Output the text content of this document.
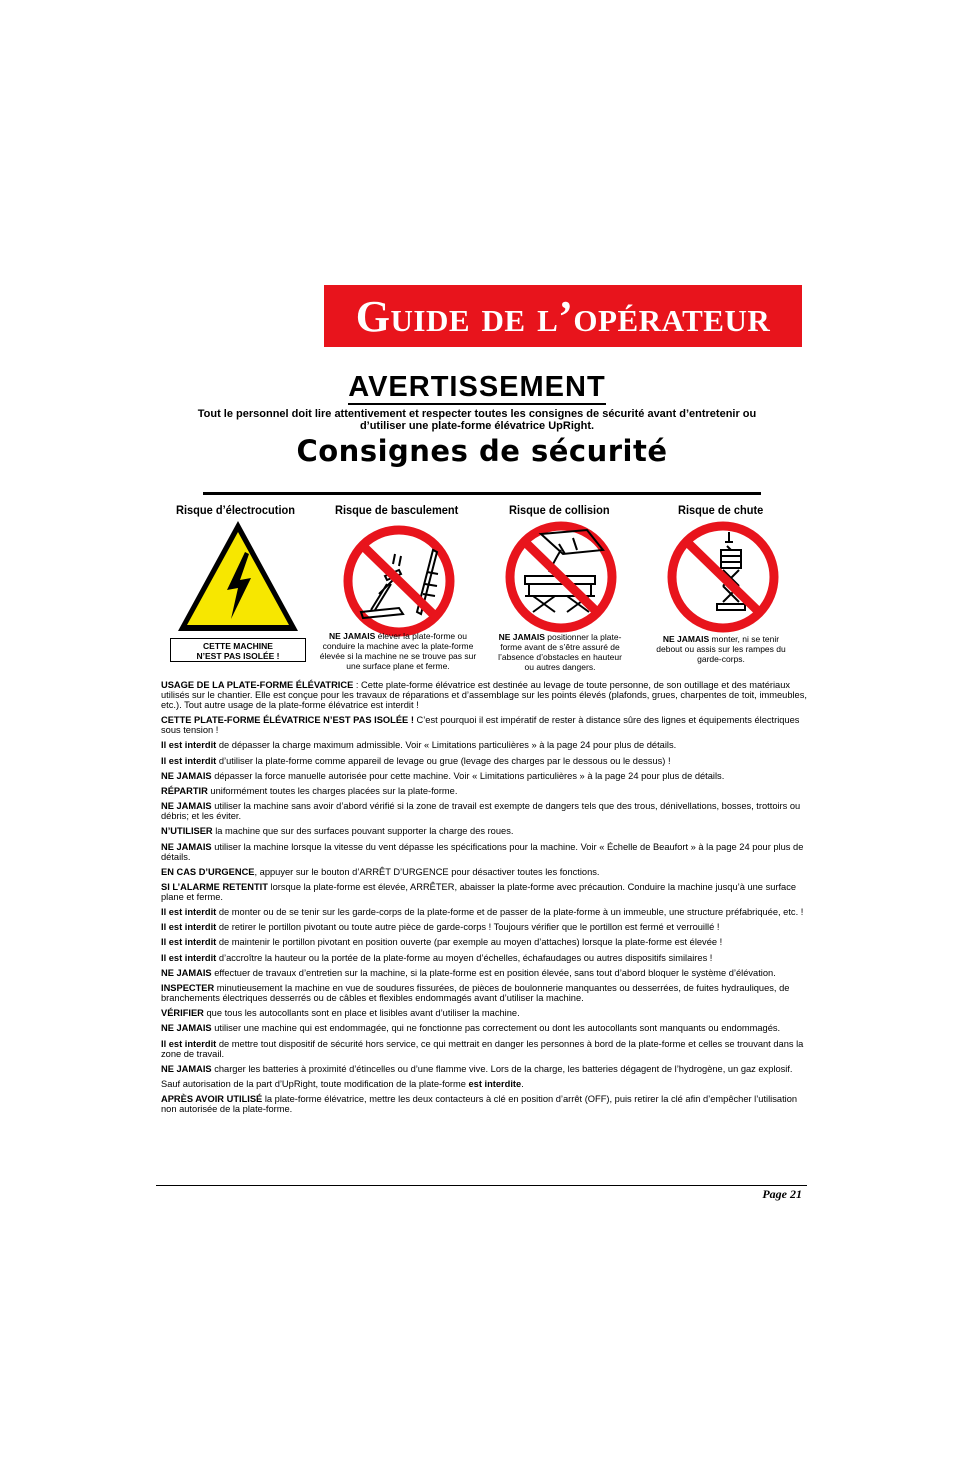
Guide de l’opérateur
AVERTISSEMENT
Tout le personnel doit lire attentivement et respecter toutes les consignes de sécurité avant d’entretenir ou d’utiliser une plate-forme élévatrice UpRight.
Consignes de sécurité
Risque d’électrocution	Risque de basculement	Risque de collision	Risque de chute
CETTE MACHINE
N’EST PAS ISOLÉE !
NE JAMAIS élever la plate-forme ou conduire la machine avec la plate-forme élevée si la machine ne se trouve pas sur une surface plane et ferme.
NE JAMAIS positionner la plate-forme avant de s’être assuré de l’absence d’obstacles en hauteur ou autres dangers.
NE JAMAIS monter, ni se tenir debout ou assis sur les rampes du garde-corps.

USAGE DE LA PLATE-FORME ÉLÉVATRICE : Cette plate-forme élévatrice est destinée au levage de toute personne, de son outillage et des matériaux utilisés sur le chantier. Elle est conçue pour les travaux de réparations et d’assemblage sur les points élevés (plafonds, grues, charpentes de toit, immeubles, etc.). Tout autre usage de la plate-forme élévatrice est interdit !

CETTE PLATE-FORME ÉLÉVATRICE N’EST PAS ISOLÉE ! C’est pourquoi il est impératif de rester à distance sûre des lignes et équipements électriques sous tension !

Il est interdit de dépasser la charge maximum admissible. Voir « Limitations particulières » à la page 24 pour plus de détails.

Il est interdit d’utiliser la plate-forme comme appareil de levage ou grue (levage des charges par le dessous ou le dessus) !

NE JAMAIS dépasser la force manuelle autorisée pour cette machine. Voir « Limitations particulières » à la page 24 pour plus de détails.

RÉPARTIR uniformément toutes les charges placées sur la plate-forme.

NE JAMAIS utiliser la machine sans avoir d’abord vérifié si la zone de travail est exempte de dangers tels que des trous, dénivellations, bosses, trottoirs ou débris; et les éviter.

N’UTILISER la machine que sur des surfaces pouvant supporter la charge des roues.

NE JAMAIS utiliser la machine lorsque la vitesse du vent dépasse les spécifications pour la machine. Voir « Échelle de Beaufort » à la page 24 pour plus de détails.

EN CAS D’URGENCE, appuyer sur le bouton d’ARRÊT D’URGENCE pour désactiver toutes les fonctions.

SI L’ALARME RETENTIT lorsque la plate-forme est élevée, ARRÊTER, abaisser la plate-forme avec précaution. Conduire la machine jusqu’à une surface plane et ferme.

Il est interdit de monter ou de se tenir sur les garde-corps de la plate-forme et de passer de la plate-forme à un immeuble, une structure préfabriquée, etc. !

Il est interdit de retirer le portillon pivotant ou toute autre pièce de garde-corps ! Toujours vérifier que le portillon est fermé et verrouillé !

Il est interdit de maintenir le portillon pivotant en position ouverte (par exemple au moyen d’attaches) lorsque la plate-forme est élevée !

Il est interdit d’accroître la hauteur ou la portée de la plate-forme au moyen d’échelles, échafaudages ou autres dispositifs similaires !

NE JAMAIS effectuer de travaux d’entretien sur la machine, si la plate-forme est en position élevée, sans tout d’abord bloquer le système d’élévation.

INSPECTER minutieusement la machine en vue de soudures fissurées, de pièces de boulonnerie manquantes ou desserrées, de fuites hydrauliques, de branchements électriques desserrés ou de câbles et flexibles endommagés avant d’utiliser la machine.

VÉRIFIER que tous les autocollants sont en place et lisibles avant d’utiliser la machine.

NE JAMAIS utiliser une machine qui est endommagée, qui ne fonctionne pas correctement ou dont les autocollants sont manquants ou endommagés.

Il est interdit de mettre tout dispositif de sécurité hors service, ce qui mettrait en danger les personnes à bord de la plate-forme et celles se trouvant dans la zone de travail.

NE JAMAIS charger les batteries à proximité d’étincelles ou d’une flamme vive. Lors de la charge, les batteries dégagent de l’hydrogène, un gaz explosif.

Sauf autorisation de la part d’UpRight, toute modification de la plate-forme est interdite.

APRÈS AVOIR UTILISÉ la plate-forme élévatrice, mettre les deux contacteurs à clé en position d’arrêt (OFF), puis retirer la clé afin d’empêcher l’utilisation non autorisée de la plate-forme.

Page 21
